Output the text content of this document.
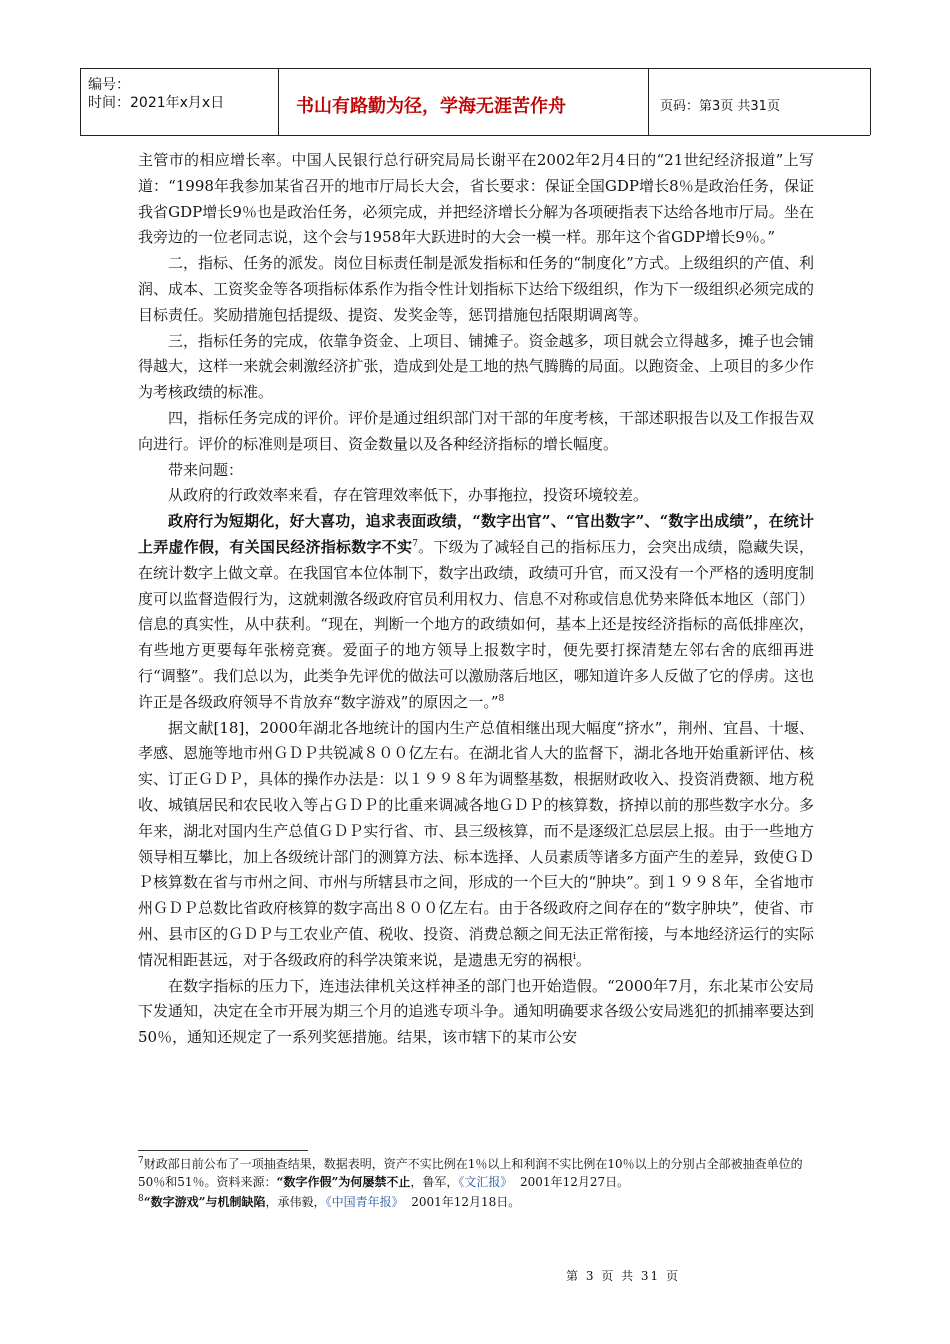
编号：
时间：2021年x月x日	书山有路勤为径，学海无涯苦作舟	页码：第3页 共31页

主管市的相应增长率。中国人民银行总行研究局局长谢平在2002年2月4日的“21世纪经济报道”上写道：“1998年我参加某省召开的地市厅局长大会，省长要求：保证全国GDP增长8％是政治任务，保证我省GDP增长9％也是政治任务，必须完成，并把经济增长分解为各项硬指表下达给各地市厅局。坐在我旁边的一位老同志说，这个会与1958年大跃进时的大会一模一样。那年这个省GDP增长9％。”

二，指标、任务的派发。岗位目标责任制是派发指标和任务的“制度化”方式。上级组织的产值、利润、成本、工资奖金等各项指标体系作为指令性计划指标下达给下级组织，作为下一级组织必须完成的目标责任。奖励措施包括提级、提资、发奖金等，惩罚措施包括限期调离等。

三，指标任务的完成，依靠争资金、上项目、铺摊子。资金越多，项目就会立得越多，摊子也会铺得越大，这样一来就会刺激经济扩张，造成到处是工地的热气腾腾的局面。以跑资金、上项目的多少作为考核政绩的标准。

四，指标任务完成的评价。评价是通过组织部门对干部的年度考核，干部述职报告以及工作报告双向进行。评价的标准则是项目、资金数量以及各种经济指标的增长幅度。

带来问题：

从政府的行政效率来看，存在管理效率低下，办事拖拉，投资环境较差。

政府行为短期化，好大喜功，追求表面政绩，“数字出官”、“官出数字”、“数字出成绩”，在统计上弄虚作假，有关国民经济指标数字不实$^7$。下级为了减轻自己的指标压力，会突出成绩，隐藏失误，在统计数字上做文章。在我国官本位体制下，数字出政绩，政绩可升官，而又没有一个严格的透明度制度可以监督造假行为，这就刺激各级政府官员利用权力、信息不对称或信息优势来降低本地区（部门）信息的真实性，从中获利。“现在，判断一个地方的政绩如何，基本上还是按经济指标的高低排座次，有些地方更要每年张榜竞赛。爱面子的地方领导上报数字时，便先要打探清楚左邻右舍的底细再进行“调整”。我们总以为，此类争先评优的做法可以激励落后地区，哪知道许多人反做了它的俘虏。这也许正是各级政府领导不肯放弃“数字游戏”的原因之一。”$^8$

据文献[18]，2000年湖北各地统计的国内生产总值相继出现大幅度“挤水”，荆州、宜昌、十堰、孝感、恩施等地市州ＧＤＰ共锐减８００亿左右。在湖北省人大的监督下，湖北各地开始重新评估、核实、订正ＧＤＰ，具体的操作办法是：以１９９８年为调整基数，根据财政收入、投资消费额、地方税收、城镇居民和农民收入等占ＧＤＰ的比重来调减各地ＧＤＰ的核算数，挤掉以前的那些数字水分。多年来，湖北对国内生产总值ＧＤＰ实行省、市、县三级核算，而不是逐级汇总层层上报。由于一些地方领导相互攀比，加上各级统计部门的测算方法、标本选择、人员素质等诸多方面产生的差异，致使ＧＤＰ核算数在省与市州之间、市州与所辖县市之间，形成的一个巨大的“肿块”。到１９９８年，全省地市州ＧＤＰ总数比省政府核算的数字高出８００亿左右。由于各级政府之间存在的“数字肿块”，使省、市州、县市区的ＧＤＰ与工农业产值、税收、投资、消费总额之间无法正常衔接，与本地经济运行的实际情况相距甚远，对于各级政府的科学决策来说，是遗患无穷的祸根$^i$。

在数字指标的压力下，连违法律机关这样神圣的部门也开始造假。“2000年7月，东北某市公安局下发通知，决定在全市开展为期三个月的追逃专项斗争。通知明确要求各级公安局逃犯的抓捕率要达到50％，通知还规定了一系列奖惩措施。结果，该市辖下的某市公安

$^7$财政部日前公布了一项抽查结果，数据表明，资产不实比例在1％以上和利润不实比例在10％以上的分别占全部被抽查单位的50％和51％。资料来源：“数字作假”为何屡禁不止，鲁军，《文汇报》 2001年12月27日。

$^8$“数字游戏”与机制缺陷，承伟毅，《中国青年报》 2001年12月18日。

第 3 页 共 31 页
